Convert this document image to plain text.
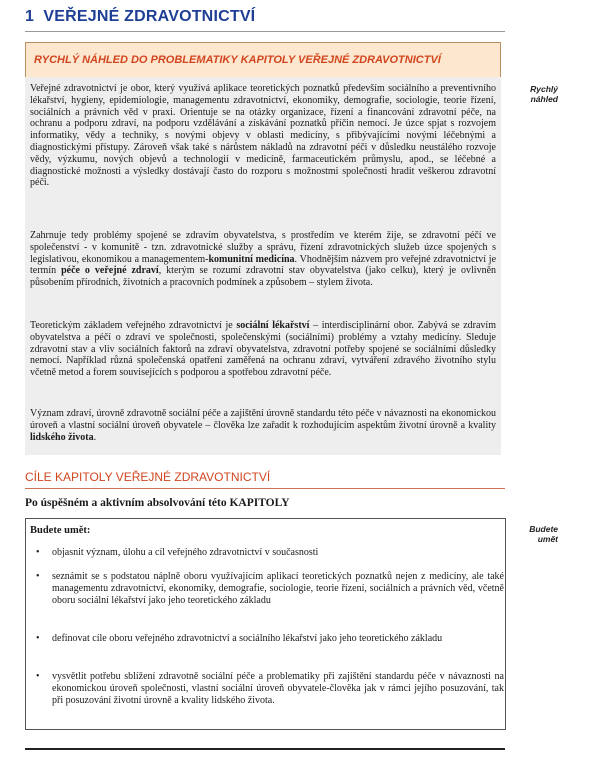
1 VEŘEJNÉ ZDRAVOTNICTVÍ

RYCHLÝ NÁHLED DO PROBLEMATIKY KAPITOLY VEŘEJNÉ ZDRAVOTNICTVÍ

Rychlý náhled

Veřejné zdravotnictví je obor, který využívá aplikace teoretických poznatků především sociálního a preventivního lékařství, hygieny, epidemiologie, managementu zdravotnictví, ekonomiky, demografie, sociologie, teorie řízení, sociálních a právních věd v praxi. Orientuje se na otázky organizace, řízení a financování zdravotní péče, na ochranu a podporu zdraví, na podporu vzdělávání a získávání poznatků příčin nemocí. Je úzce spjat s rozvojem informatiky, vědy a techniky, s novými objevy v oblasti medicíny, s přibývajícími novými léčebnými a diagnostickými přístupy. Zároveň však také s nárůstem nákladů na zdravotní péči v důsledku neustálého rozvoje vědy, výzkumu, nových objevů a technologií v medicíně, farmaceutickém průmyslu, apod., se léčebné a diagnostické možnosti a výsledky dostávají často do rozporu s možnostmi společnosti hradit veškerou zdravotní péči.

Zahrnuje tedy problémy spojené se zdravím obyvatelstva, s prostředím ve kterém žije, se zdravotní péčí ve společenství - v komunitě - tzn. zdravotnické služby a správu, řízení zdravotnických služeb úzce spojených s legislativou, ekonomikou a managementem-komunitní medicína. Vhodnějším názvem pro veřejné zdravotnictví je termín péče o veřejné zdraví, kterým se rozumí zdravotní stav obyvatelstva (jako celku), který je ovlivněn působením přírodních, životních a pracovních podmínek a způsobem – stylem života.

Teoretickým základem veřejného zdravotnictví je sociální lékařství – interdisciplinární obor. Zabývá se zdravím obyvatelstva a péčí o zdraví ve společnosti, společenskými (sociálními) problémy a vztahy medicíny. Sleduje zdravotní stav a vliv sociálních faktorů na zdraví obyvatelstva, zdravotní potřeby spojené se sociálními důsledky nemocí. Například různá společenská opatření zaměřená na ochranu zdraví, vytváření zdravého životního stylu včetně metod a forem souvisejících s podporou a spotřebou zdravotní péče.

Význam zdraví, úrovně zdravotně sociální péče a zajištění úrovně standardu této péče v návaznosti na ekonomickou úroveň a vlastní sociální úroveň obyvatele – člověka lze zařadit k rozhodujícím aspektům životní úrovně a kvality lidského života.

CÍLE KAPITOLY VEŘEJNÉ ZDRAVOTNICTVÍ
Po úspěšném a aktivním absolvování této KAPITOLY
Budete umět
Budete umět:
•	objasnit význam, úlohu a cíl veřejného zdravotnictví v současnosti

•	seznámit se s podstatou náplně oboru využívajícím aplikací teoretických poznatků nejen z medicíny, ale také managementu zdravotnictví, ekonomiky, demografie, sociologie, teorie řízení, sociálních a právních věd, včetně oboru sociální lékařství jako jeho teoretického základu

•	definovat cíle oboru veřejného zdravotnictví a sociálního lékařství jako jeho teoretického základu

•	vysvětlit potřebu sblížení zdravotně sociální péče a problematiky při zajištění standardu péče v návaznosti na ekonomickou úroveň společnosti, vlastní sociální úroveň obyvatele-člověka jak v rámci jejího posuzování, tak při posuzování životní úrovně a kvality lidského života.
